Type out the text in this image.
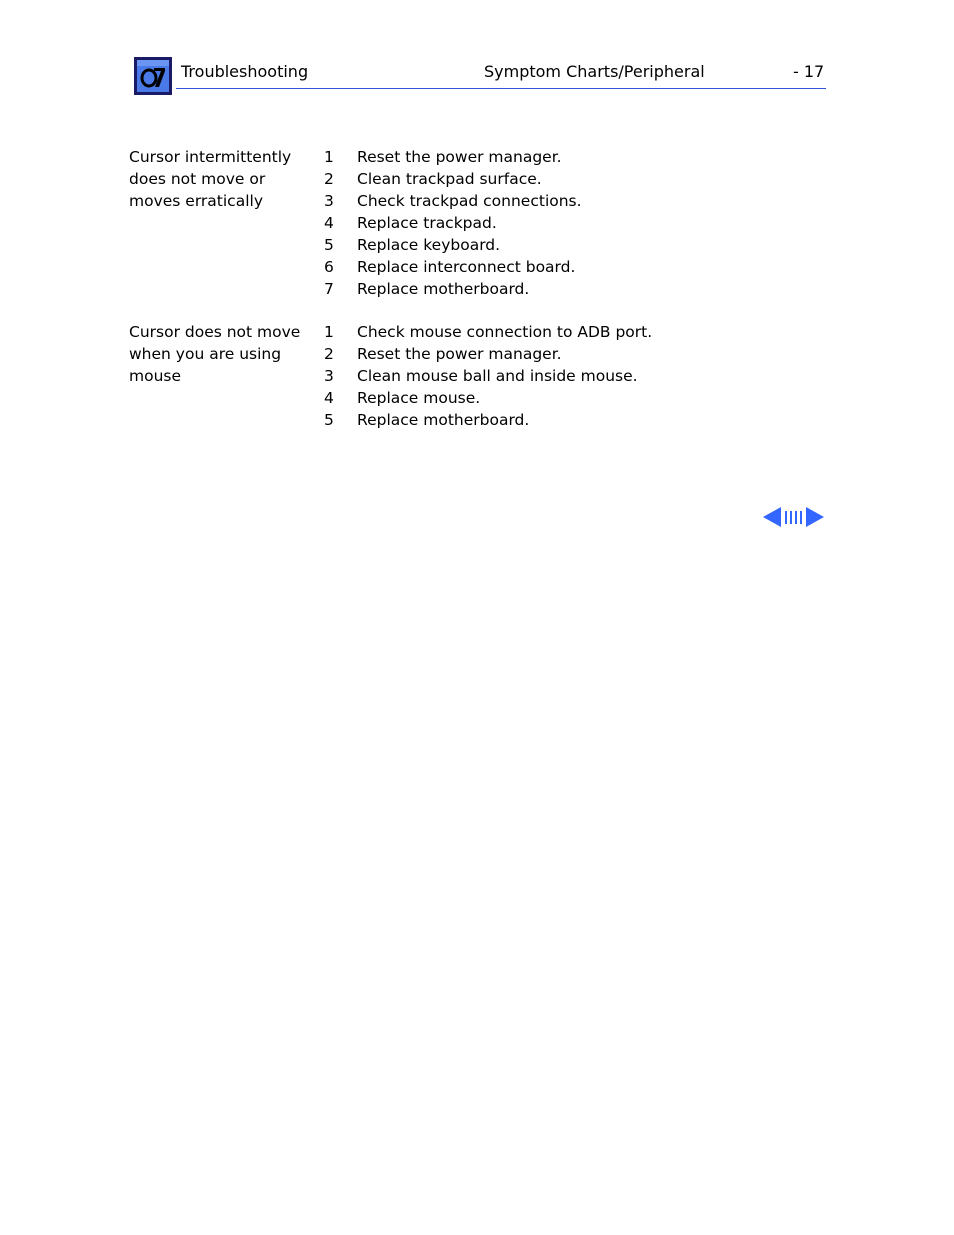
Troubleshooting	Symptom Charts/Peripheral	- 17
Cursor intermittently
does not move or
moves erratically
1 Reset the power manager.
2 Clean trackpad surface.
3 Check trackpad connections.
4 Replace trackpad.
5 Replace keyboard.
6 Replace interconnect board.
7 Replace motherboard.
Cursor does not move
when you are using
mouse
1 Check mouse connection to ADB port.
2 Reset the power manager.
3 Clean mouse ball and inside mouse.
4 Replace mouse.
5 Replace motherboard.
